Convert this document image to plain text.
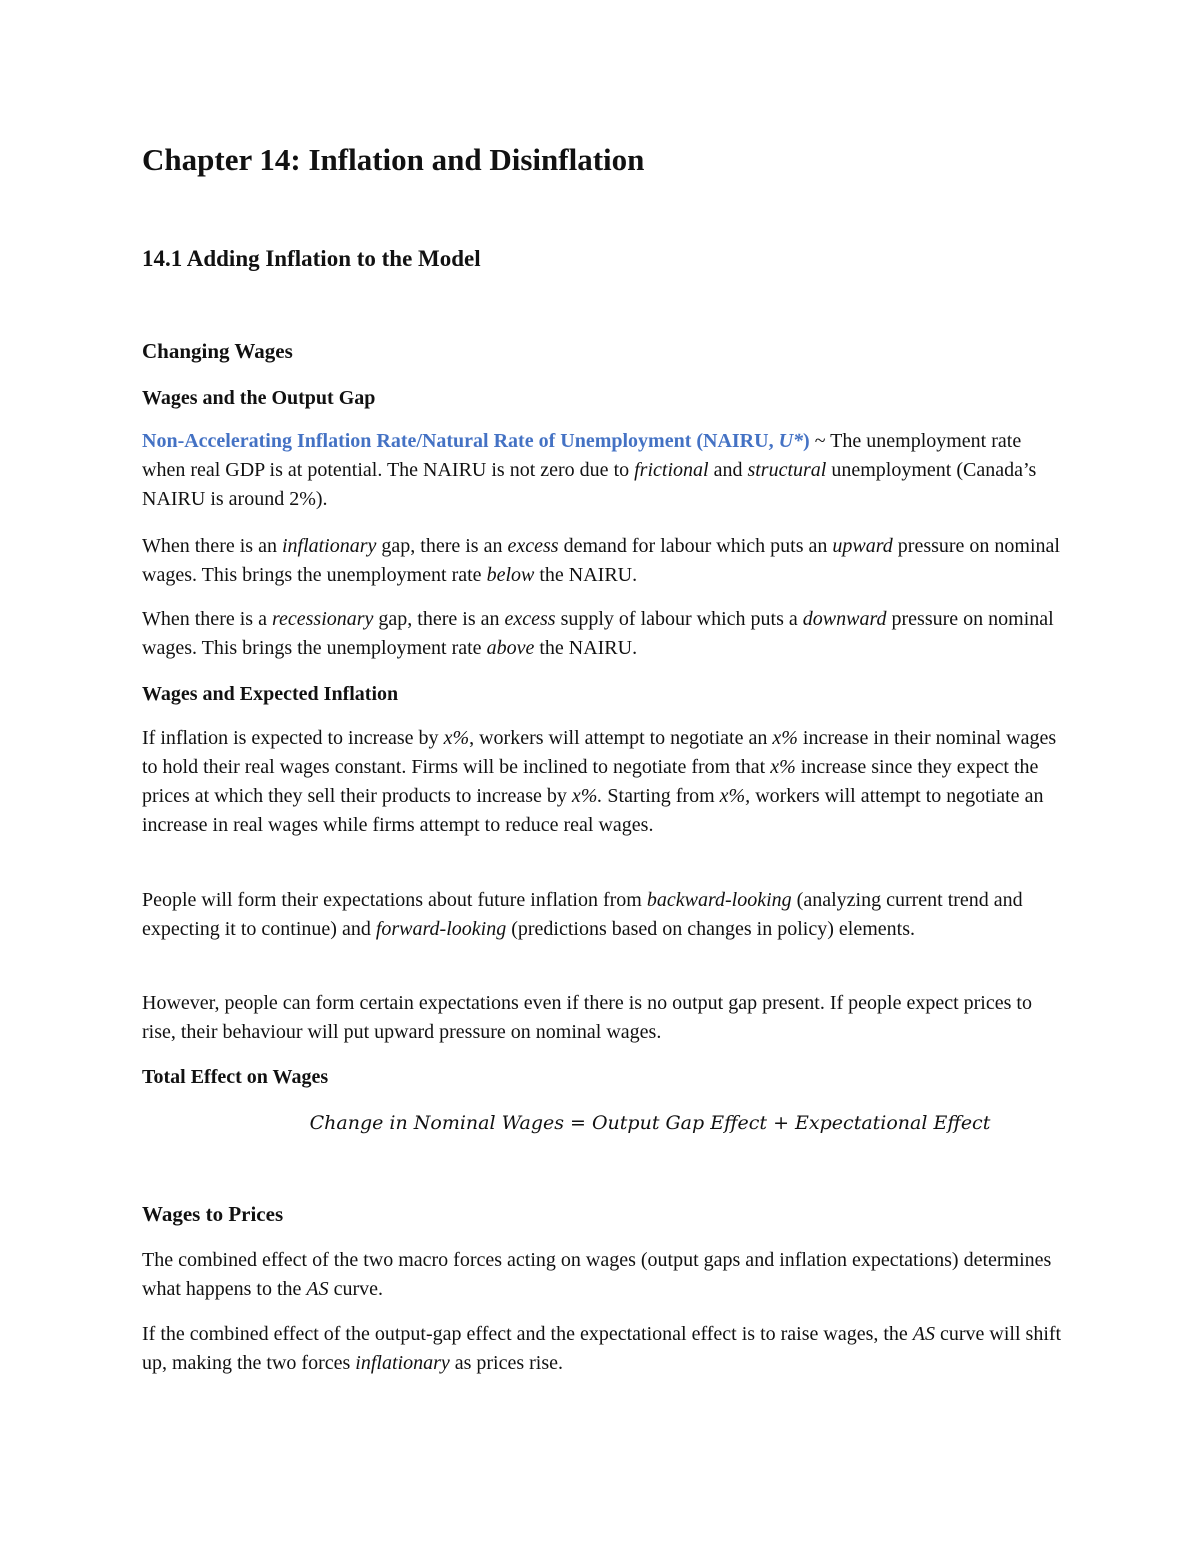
Chapter 14: Inflation and Disinflation
14.1 Adding Inflation to the Model
Changing Wages
Wages and the Output Gap

Non-Accelerating Inflation Rate/Natural Rate of Unemployment (NAIRU, U*) ~ The unemployment rate when real GDP is at potential. The NAIRU is not zero due to frictional and structural unemployment (Canada’s NAIRU is around 2%).

When there is an inflationary gap, there is an excess demand for labour which puts an upward pressure on nominal wages. This brings the unemployment rate below the NAIRU.

When there is a recessionary gap, there is an excess supply of labour which puts a downward pressure on nominal wages. This brings the unemployment rate above the NAIRU.

Wages and Expected Inflation

If inflation is expected to increase by x%, workers will attempt to negotiate an x% increase in their nominal wages to hold their real wages constant. Firms will be inclined to negotiate from that x% increase since they expect the prices at which they sell their products to increase by x%. Starting from x%, workers will attempt to negotiate an increase in real wages while firms attempt to reduce real wages.

People will form their expectations about future inflation from backward-looking (analyzing current trend and expecting it to continue) and forward-looking (predictions based on changes in policy) elements.

However, people can form certain expectations even if there is no output gap present. If people expect prices to rise, their behaviour will put upward pressure on nominal wages.

Total Effect on Wages
Change in Nominal Wages = Output Gap Effect + Expectational Effect
Wages to Prices

The combined effect of the two macro forces acting on wages (output gaps and inflation expectations) determines what happens to the AS curve.

If the combined effect of the output-gap effect and the expectational effect is to raise wages, the AS curve will shift up, making the two forces inflationary as prices rise.
